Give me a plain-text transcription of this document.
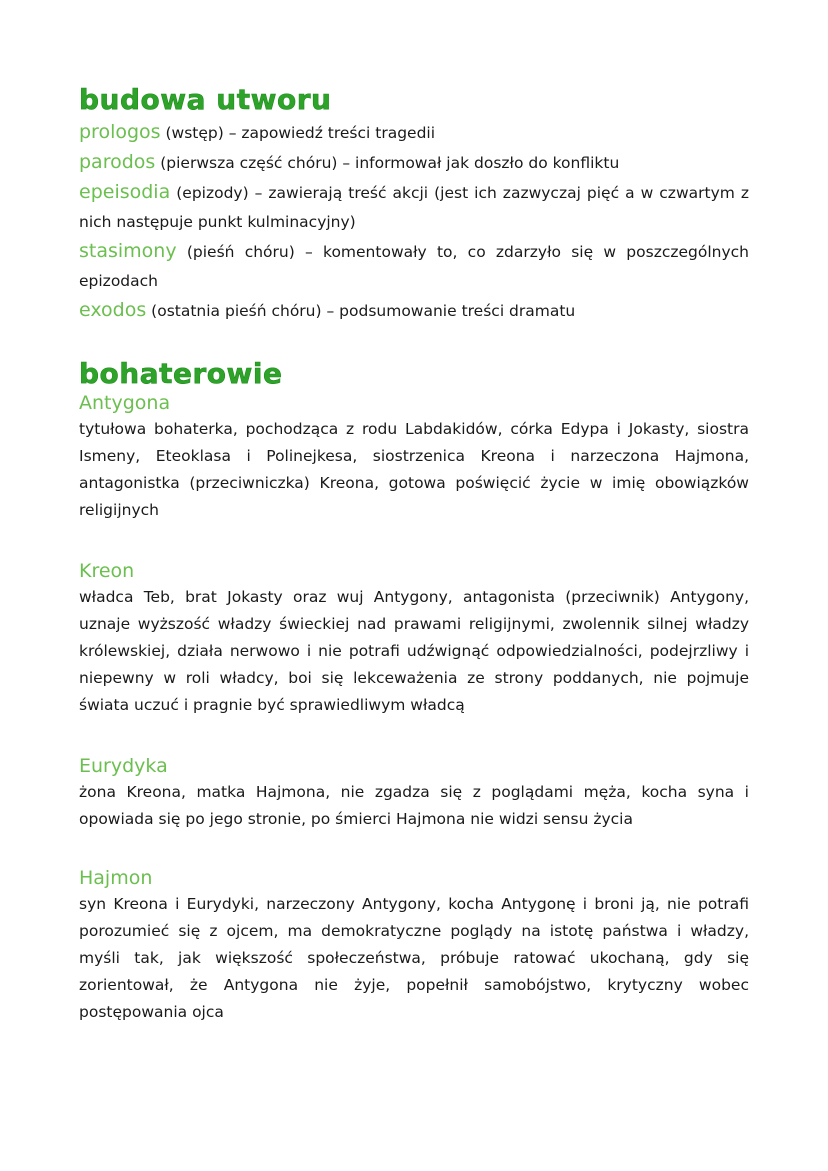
budowa utworu

prologos (wstęp) – zapowiedź treści tragedii

parodos (pierwsza część chóru) – informował jak doszło do konfliktu

epeisodia (epizody) – zawierają treść akcji (jest ich zazwyczaj pięć a w czwartym z nich następuje punkt kulminacyjny)

stasimony (pieśń chóru) – komentowały to, co zdarzyło się w poszczególnych epizodach

exodos (ostatnia pieśń chóru) – podsumowanie treści dramatu

bohaterowie

Antygona

tytułowa bohaterka, pochodząca z rodu Labdakidów, córka Edypa i Jokasty, siostra Ismeny, Eteoklasa i Polinejkesa, siostrzenica Kreona i narzeczona Hajmona, antagonistka (przeciwniczka) Kreona, gotowa poświęcić życie w imię obowiązków religijnych

Kreon

władca Teb, brat Jokasty oraz wuj Antygony, antagonista (przeciwnik) Antygony, uznaje wyższość władzy świeckiej nad prawami religijnymi, zwolennik silnej władzy królewskiej, działa nerwowo i nie potrafi udźwignąć odpowiedzialności, podejrzliwy i niepewny w roli władcy, boi się lekceważenia ze strony poddanych, nie pojmuje świata uczuć i pragnie być sprawiedliwym władcą

Eurydyka

żona Kreona, matka Hajmona, nie zgadza się z poglądami męża, kocha syna i opowiada się po jego stronie, po śmierci Hajmona nie widzi sensu życia

Hajmon

syn Kreona i Eurydyki, narzeczony Antygony, kocha Antygonę i broni ją, nie potrafi porozumieć się z ojcem, ma demokratyczne poglądy na istotę państwa i władzy, myśli tak, jak większość społeczeństwa, próbuje ratować ukochaną, gdy się zorientował, że Antygona nie żyje, popełnił samobójstwo, krytyczny wobec postępowania ojca
